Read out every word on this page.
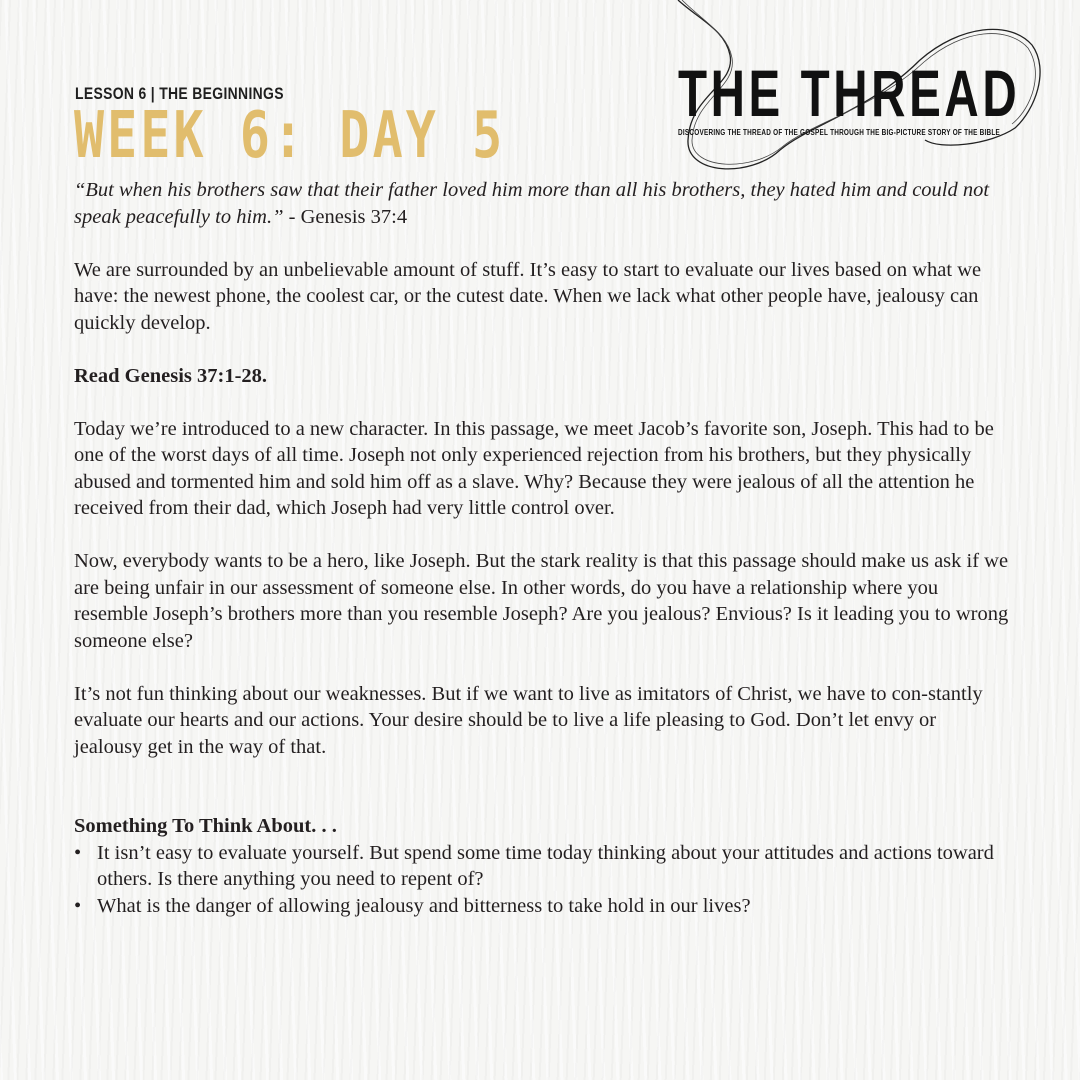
LESSON 6 | THE BEGINNINGS
WEEK 6: DAY 5
THE THREAD
DISCOVERING THE THREAD OF THE GOSPEL THROUGH THE BIG-PICTURE STORY OF THE BIBLE

“But when his brothers saw that their father loved him more than all his brothers, they hated him and could not speak peacefully to him.” - Genesis 37:4

We are surrounded by an unbelievable amount of stuff. It’s easy to start to evaluate our lives based on what we have: the newest phone, the coolest car, or the cutest date. When we lack what other people have, jealousy can quickly develop.

Read Genesis 37:1-28.

Today we’re introduced to a new character. In this passage, we meet Jacob’s favorite son, Joseph. This had to be one of the worst days of all time. Joseph not only experienced rejection from his brothers, but they physically abused and tormented him and sold him off as a slave. Why? Because they were jealous of all the attention he received from their dad, which Joseph had very little control over.

Now, everybody wants to be a hero, like Joseph. But the stark reality is that this passage should make us ask if we are being unfair in our assessment of someone else. In other words, do you have a relationship where you resemble Joseph’s brothers more than you resemble Joseph? Are you jealous? Envious? Is it leading you to wrong someone else?

It’s not fun thinking about our weaknesses. But if we want to live as imitators of Christ, we have to con-stantly evaluate our hearts and our actions. Your desire should be to live a life pleasing to God. Don’t let envy or jealousy get in the way of that.

Something To Think About. . .

• It isn’t easy to evaluate yourself. But spend some time today thinking about your attitudes and actions toward others. Is there anything you need to repent of?
• What is the danger of allowing jealousy and bitterness to take hold in our lives?
